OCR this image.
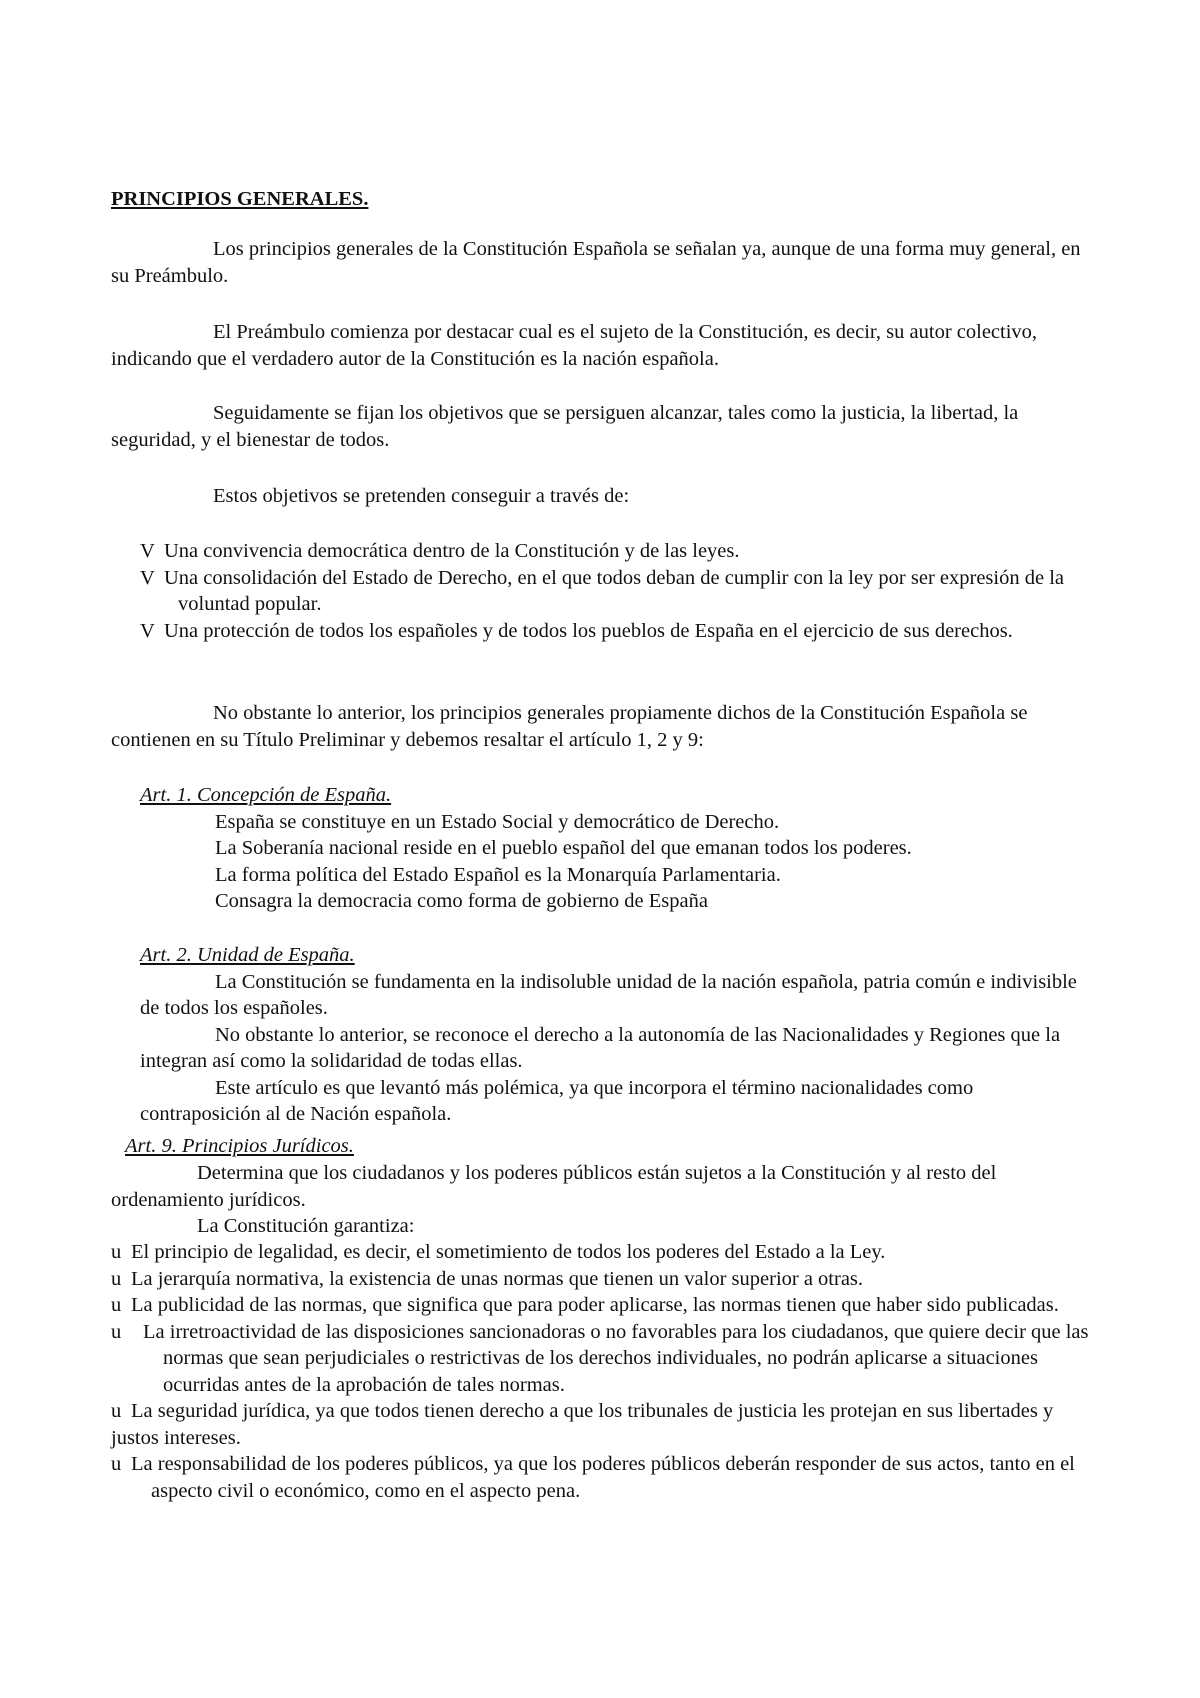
PRINCIPIOS GENERALES.

Los principios generales de la Constitución Española se señalan ya, aunque de una forma muy general, en su Preámbulo.

El Preámbulo comienza por destacar cual es el sujeto de la Constitución, es decir, su autor colectivo, indicando que el verdadero autor de la Constitución es la nación española.

Seguidamente se fijan los objetivos que se persiguen alcanzar, tales como la justicia, la libertad, la seguridad, y el bienestar de todos.

Estos objetivos se pretenden conseguir a través de:

V Una convivencia democrática dentro de la Constitución y de las leyes.
V Una consolidación del Estado de Derecho, en el que todos deban de cumplir con la ley por ser expresión de la voluntad popular.
V Una protección de todos los españoles y de todos los pueblos de España en el ejercicio de sus derechos.

No obstante lo anterior, los principios generales propiamente dichos de la Constitución Española se contienen en su Título Preliminar y debemos resaltar el artículo 1, 2 y 9:

Art. 1. Concepción de España.
España se constituye en un Estado Social y democrático de Derecho.
La Soberanía nacional reside en el pueblo español del que emanan todos los poderes.
La forma política del Estado Español es la Monarquía Parlamentaria.
Consagra la democracia como forma de gobierno de España
Art. 2. Unidad de España.
La Constitución se fundamenta en la indisoluble unidad de la nación española, patria común e indivisible de todos los españoles.
No obstante lo anterior, se reconoce el derecho a la autonomía de las Nacionalidades y Regiones que la integran así como la solidaridad de todas ellas.
Este artículo es que levantó más polémica, ya que incorpora el término nacionalidades como contraposición al de Nación española.
Art. 9. Principios Jurídicos.

Determina que los ciudadanos y los poderes públicos están sujetos a la Constitución y al resto del ordenamiento jurídicos.

La Constitución garantiza:

u El principio de legalidad, es decir, el sometimiento de todos los poderes del Estado a la Ley.
u La jerarquía normativa, la existencia de unas normas que tienen un valor superior a otras.
u La publicidad de las normas, que significa que para poder aplicarse, las normas tienen que haber sido publicadas.
u La irretroactividad de las disposiciones sancionadoras o no favorables para los ciudadanos, que quiere decir que las normas que sean perjudiciales o restrictivas de los derechos individuales, no podrán aplicarse a situaciones ocurridas antes de la aprobación de tales normas.
u La seguridad jurídica, ya que todos tienen derecho a que los tribunales de justicia les protejan en sus libertades y justos intereses.
u La responsabilidad de los poderes públicos, ya que los poderes públicos deberán responder de sus actos, tanto en el aspecto civil o económico, como en el aspecto pena.
